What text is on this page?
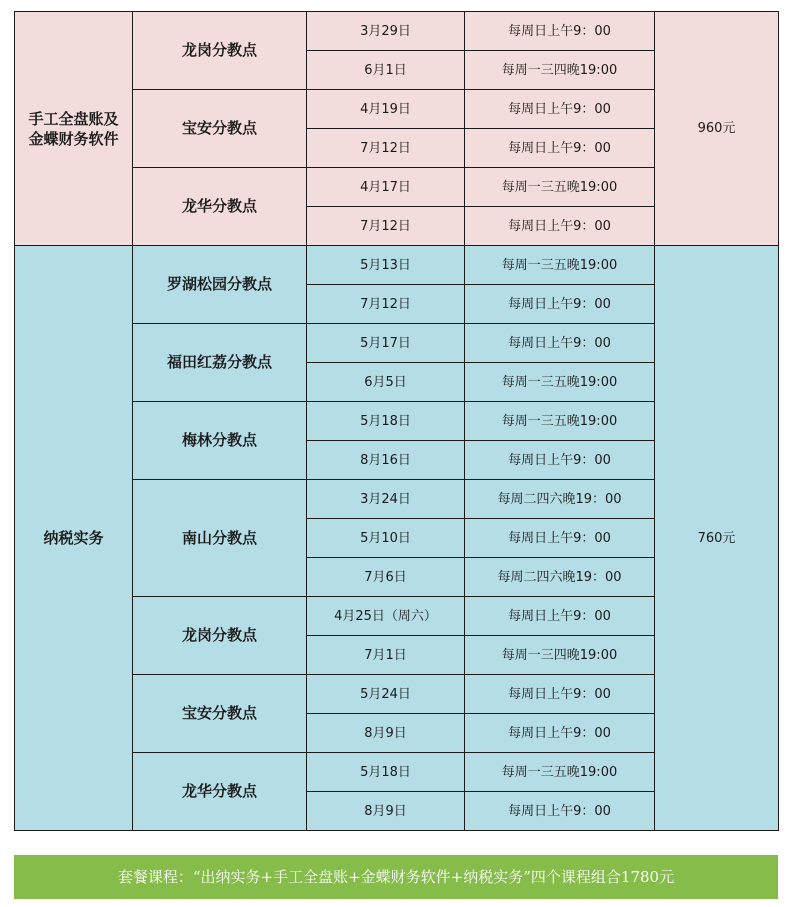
手工全盘账及
金蝶财务软件	龙岗分教点	3月29日	每周日上午9：00	960元
		6月1日	每周一三四晚19:00	
	宝安分教点	4月19日	每周日上午9：00	
		7月12日	每周日上午9：00	
	龙华分教点	4月17日	每周一三五晚19:00	
		7月12日	每周日上午9：00	
纳税实务	罗湖松园分教点	5月13日	每周一三五晚19:00	760元
		7月12日	每周日上午9：00	
	福田红荔分教点	5月17日	每周日上午9：00	
		6月5日	每周一三五晚19:00	
	梅林分教点	5月18日	每周一三五晚19:00	
		8月16日	每周日上午9：00	
	南山分教点	3月24日	每周二四六晚19：00	
		5月10日	每周日上午9：00	
		7月6日	每周二四六晚19：00	
	龙岗分教点	4月25日（周六）	每周日上午9：00	
		7月1日	每周一三四晚19:00	
	宝安分教点	5月24日	每周日上午9：00	
		8月9日	每周日上午9：00	
	龙华分教点	5月18日	每周一三五晚19:00	
		8月9日	每周日上午9：00	
套餐课程：“出纳实务+手工全盘账+金蝶财务软件+纳税实务”四个课程组合1780元
